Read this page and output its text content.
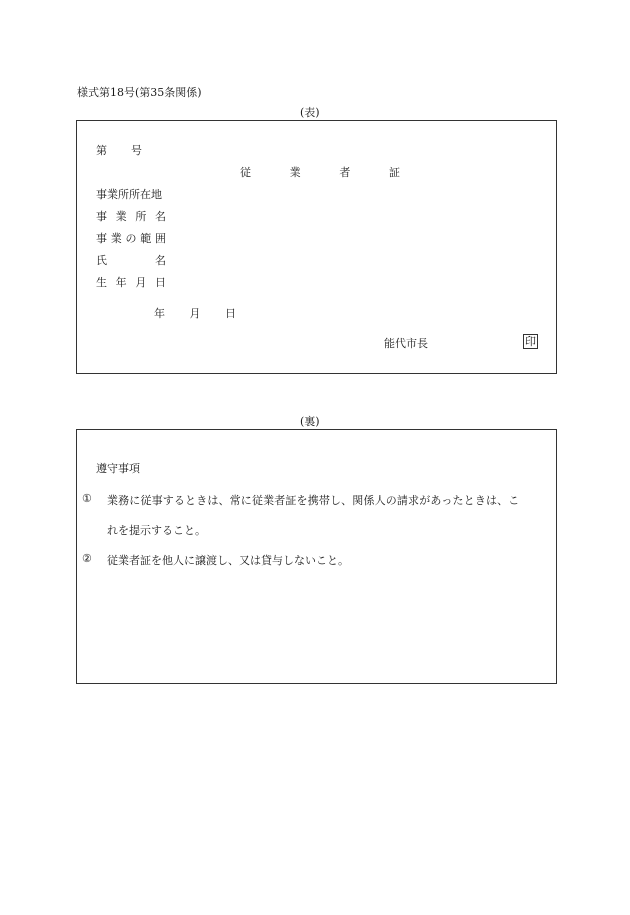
様式第18号(第35条関係)
(表)
第 号
従	業	者	証
事業所所在地
事 業 所 名
事 業 の 範 囲
氏	名
生 年 月 日
年 月 日
能代市長	印
(裏)
遵守事項
① 業務に従事するときは、常に従業者証を携帯し、関係人の請求があったときは、こ
れを提示すること。
② 従業者証を他人に譲渡し、又は貸与しないこと。
